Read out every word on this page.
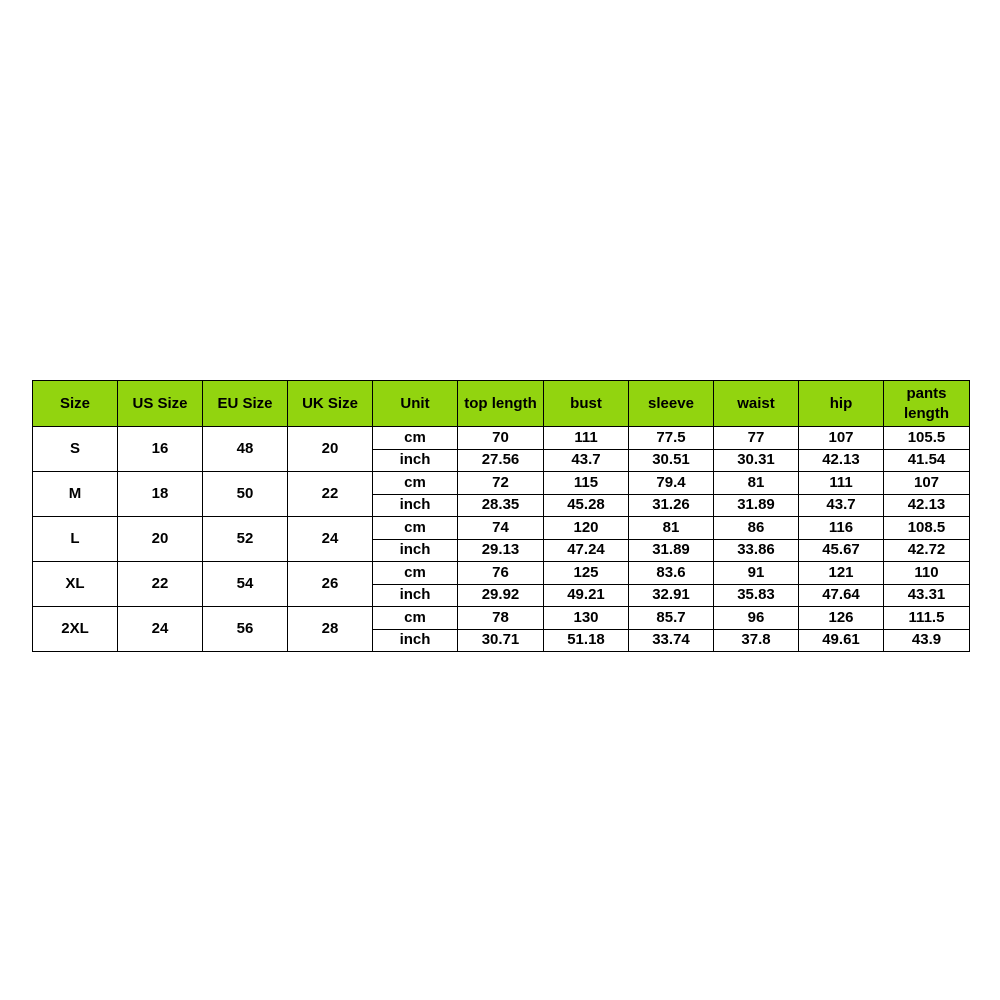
Size	US Size	EU Size	UK Size	Unit	top length	bust	sleeve	waist	hip	pants
length

S	16	48	20	cm	70	111	77.5	77	107	105.5
				inch	27.56	43.7	30.51	30.31	42.13	41.54
M	18	50	22	cm	72	115	79.4	81	111	107
				inch	28.35	45.28	31.26	31.89	43.7	42.13
L	20	52	24	cm	74	120	81	86	116	108.5
				inch	29.13	47.24	31.89	33.86	45.67	42.72
XL	22	54	26	cm	76	125	83.6	91	121	110
				inch	29.92	49.21	32.91	35.83	47.64	43.31
2XL	24	56	28	cm	78	130	85.7	96	126	111.5
				inch	30.71	51.18	33.74	37.8	49.61	43.9
